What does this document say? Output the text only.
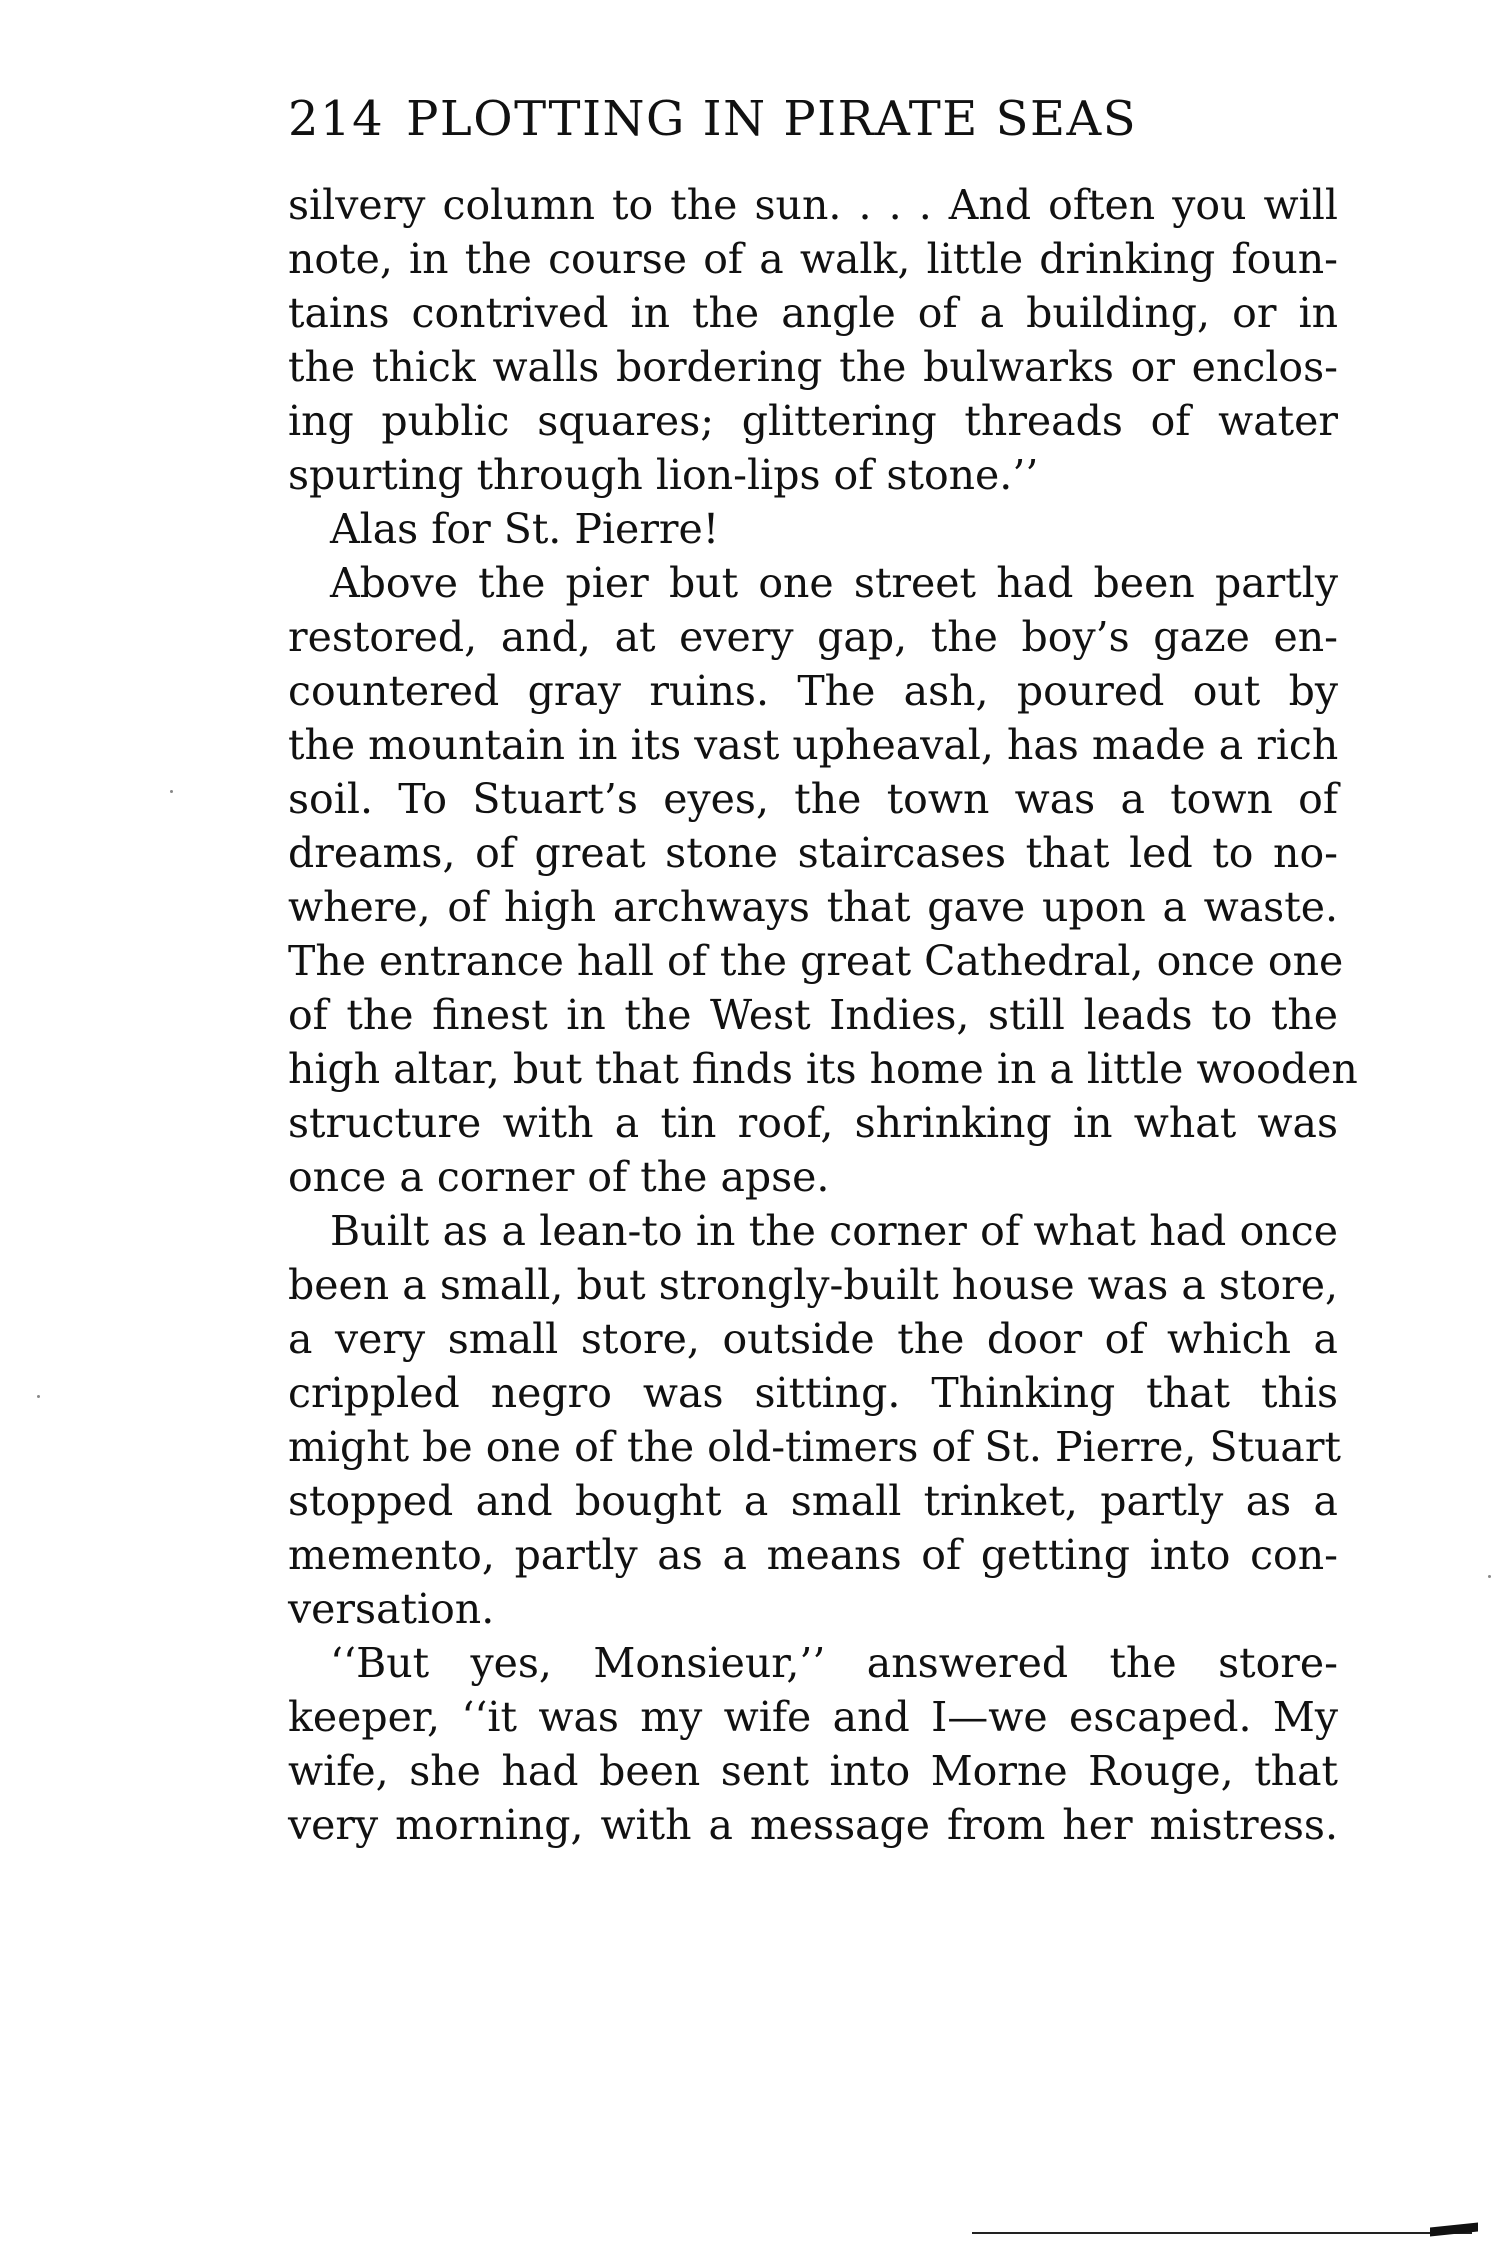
214 PLOTTING IN PIRATE SEAS
silvery column to the sun. . . . And often you will
note, in the course of a walk, little drinking foun-
tains contrived in the angle of a building, or in
the thick walls bordering the bulwarks or enclos-
ing public squares; glittering threads of water
spurting through lion-lips of stone.’’
Alas for St. Pierre!
Above the pier but one street had been partly
restored, and, at every gap, the boy’s gaze en-
countered gray ruins. The ash, poured out by
the mountain in its vast upheaval, has made a rich
soil. To Stuart’s eyes, the town was a town of
dreams, of great stone staircases that led to no-
where, of high archways that gave upon a waste.
The entrance hall of the great Cathedral, once one
of the finest in the West Indies, still leads to the
high altar, but that finds its home in a little wooden
structure with a tin roof, shrinking in what was
once a corner of the apse.
Built as a lean-to in the corner of what had once
been a small, but strongly-built house was a store,
a very small store, outside the door of which a
crippled negro was sitting. Thinking that this
might be one of the old-timers of St. Pierre, Stuart
stopped and bought a small trinket, partly as a
memento, partly as a means of getting into con-
versation.
‘‘But yes, Monsieur,’’ answered the store-
keeper, ‘‘it was my wife and I—we escaped. My
wife, she had been sent into Morne Rouge, that
very morning, with a message from her mistress.
